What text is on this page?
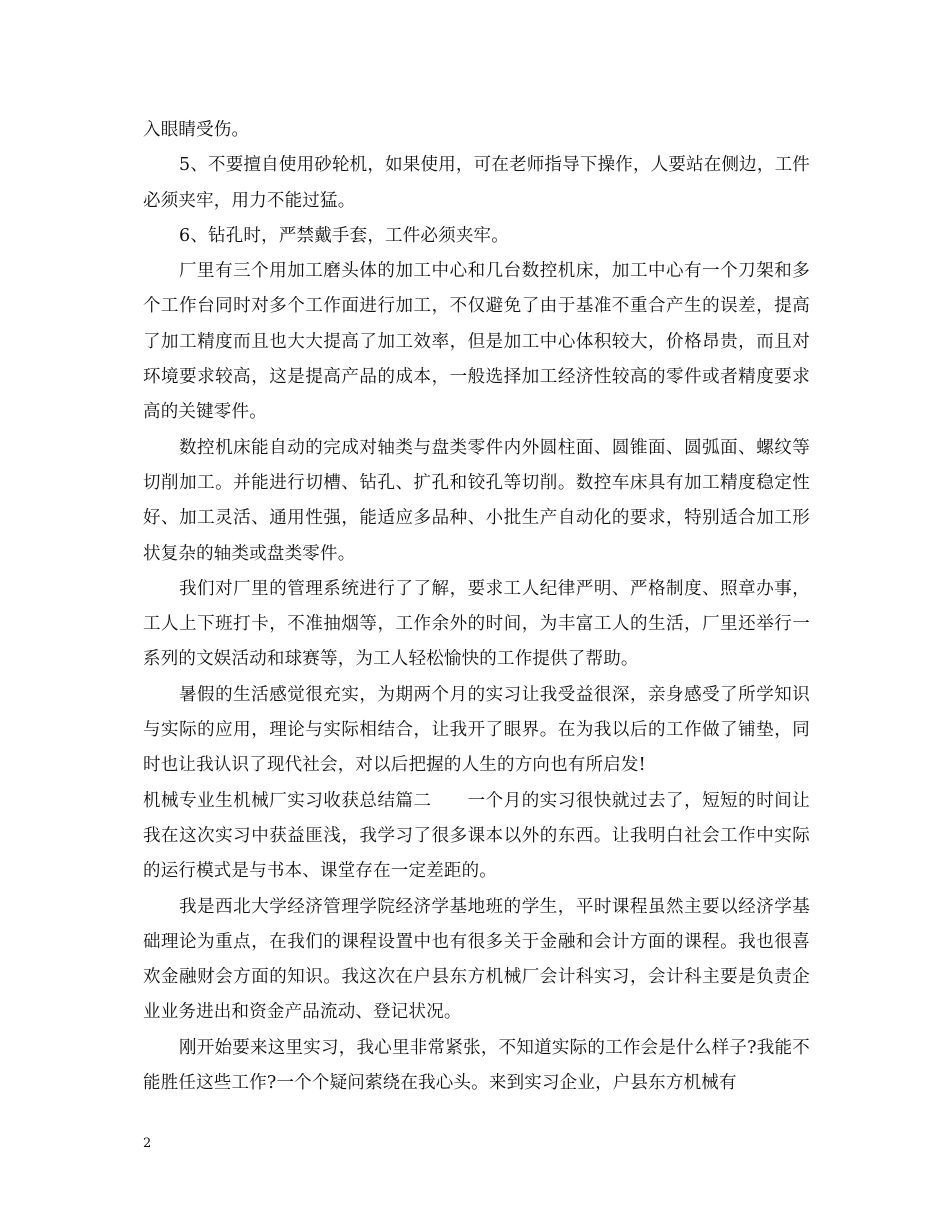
入眼睛受伤。

5、不要擅自使用砂轮机，如果使用，可在老师指导下操作，人要站在侧边，工件必须夹牢，用力不能过猛。

6、钻孔时，严禁戴手套，工件必须夹牢。

厂里有三个用加工磨头体的加工中心和几台数控机床，加工中心有一个刀架和多个工作台同时对多个工作面进行加工，不仅避免了由于基准不重合产生的误差，提高了加工精度而且也大大提高了加工效率，但是加工中心体积较大，价格昂贵，而且对环境要求较高，这是提高产品的成本，一般选择加工经济性较高的零件或者精度要求高的关键零件。

数控机床能自动的完成对轴类与盘类零件内外圆柱面、圆锥面、圆弧面、螺纹等切削加工。并能进行切槽、钻孔、扩孔和铰孔等切削。数控车床具有加工精度稳定性好、加工灵活、通用性强，能适应多品种、小批生产自动化的要求，特别适合加工形状复杂的轴类或盘类零件。

我们对厂里的管理系统进行了了解，要求工人纪律严明、严格制度、照章办事，工人上下班打卡，不准抽烟等，工作余外的时间，为丰富工人的生活，厂里还举行一系列的文娱活动和球赛等，为工人轻松愉快的工作提供了帮助。

暑假的生活感觉很充实，为期两个月的实习让我受益很深，亲身感受了所学知识与实际的应用，理论与实际相结合，让我开了眼界。在为我以后的工作做了铺垫，同时也让我认识了现代社会，对以后把握的人生的方向也有所启发!

机械专业生机械厂实习收获总结篇二　　一个月的实习很快就过去了，短短的时间让我在这次实习中获益匪浅，我学习了很多课本以外的东西。让我明白社会工作中实际的运行模式是与书本、课堂存在一定差距的。

我是西北大学经济管理学院经济学基地班的学生，平时课程虽然主要以经济学基础理论为重点，在我们的课程设置中也有很多关于金融和会计方面的课程。我也很喜欢金融财会方面的知识。我这次在户县东方机械厂会计科实习，会计科主要是负责企业业务进出和资金产品流动、登记状况。

刚开始要来这里实习，我心里非常紧张，不知道实际的工作会是什么样子?我能不能胜任这些工作?一个个疑问萦绕在我心头。来到实习企业，户县东方机械有

2
